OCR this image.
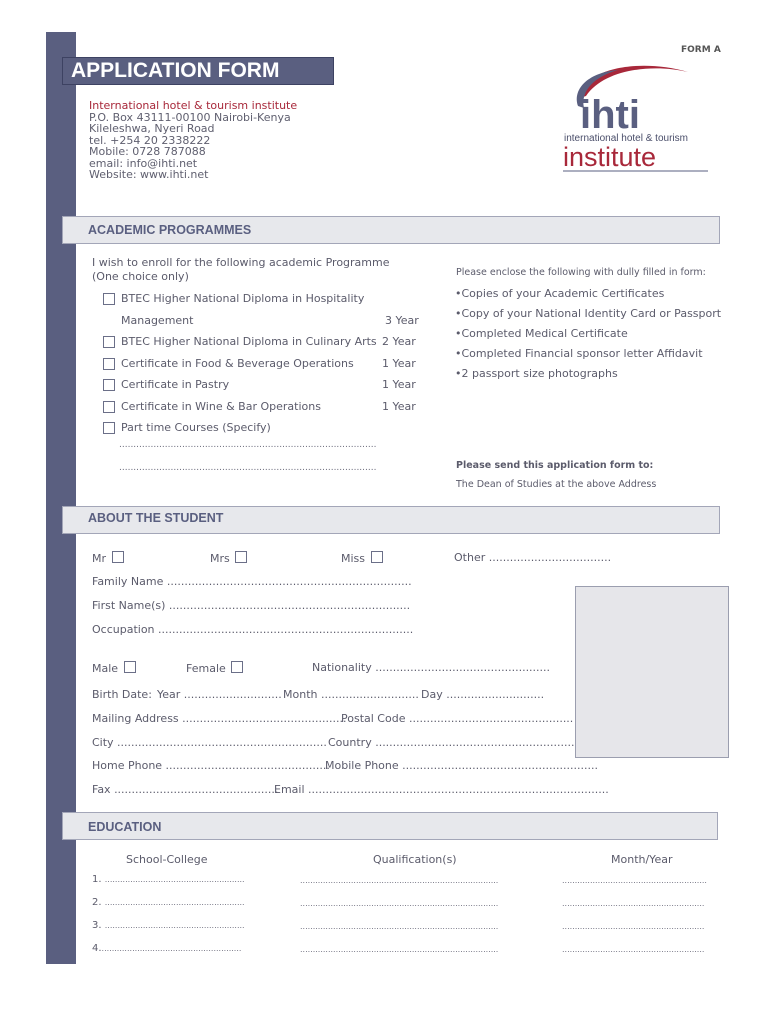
FORM A
APPLICATION FORM
International hotel & tourism institute
P.O. Box 43111-00100 Nairobi-Kenya
Kileleshwa, Nyeri Road
tel. +254 20 2338222
Mobile: 0728 787088
email: info@ihti.net
Website: www.ihti.net
ihti
international hotel & tourism
institute
ACADEMIC PROGRAMMES
I wish to enroll for the following academic Programme
(One choice only)
BTEC Higher National Diploma in Hospitality
Management	3 Year
BTEC Higher National Diploma in Culinary Arts 2 Year
Certificate in Food & Beverage Operations	1 Year
Certificate in Pastry	1 Year
Certificate in Wine & Bar Operations	1 Year
Part time Courses (Specify)
..........................................................................................
..........................................................................................
Please enclose the following with dully filled in form:
•Copies of your Academic Certificates
•Copy of your National Identity Card or Passport
•Completed Medical Certificate
•Completed Financial sponsor letter Affidavit
•2 passport size photographs
Please send this application form to:
The Dean of Studies at the above Address
ABOUT THE STUDENT
Mr	Mrs	Miss	Other ...................................
Family Name ......................................................................
First Name(s) .....................................................................
Occupation .........................................................................
Male	Female	Nationality ..................................................
Birth Date: Year ............................ Month ............................ Day ............................
Mailing Address ...............................................
Postal Code ...............................................
City ............................................................ Country .........................................................
Home Phone ...............................................
Mobile Phone ........................................................
Fax ...............................................
Email ......................................................................................
EDUCATION
School-College	Qualification(s)	Month/Year
1. .......................................................	..............................................................................	.........................................................
2. .......................................................	..............................................................................	........................................................
3. .......................................................	..............................................................................	........................................................
4........................................................	..............................................................................	........................................................
